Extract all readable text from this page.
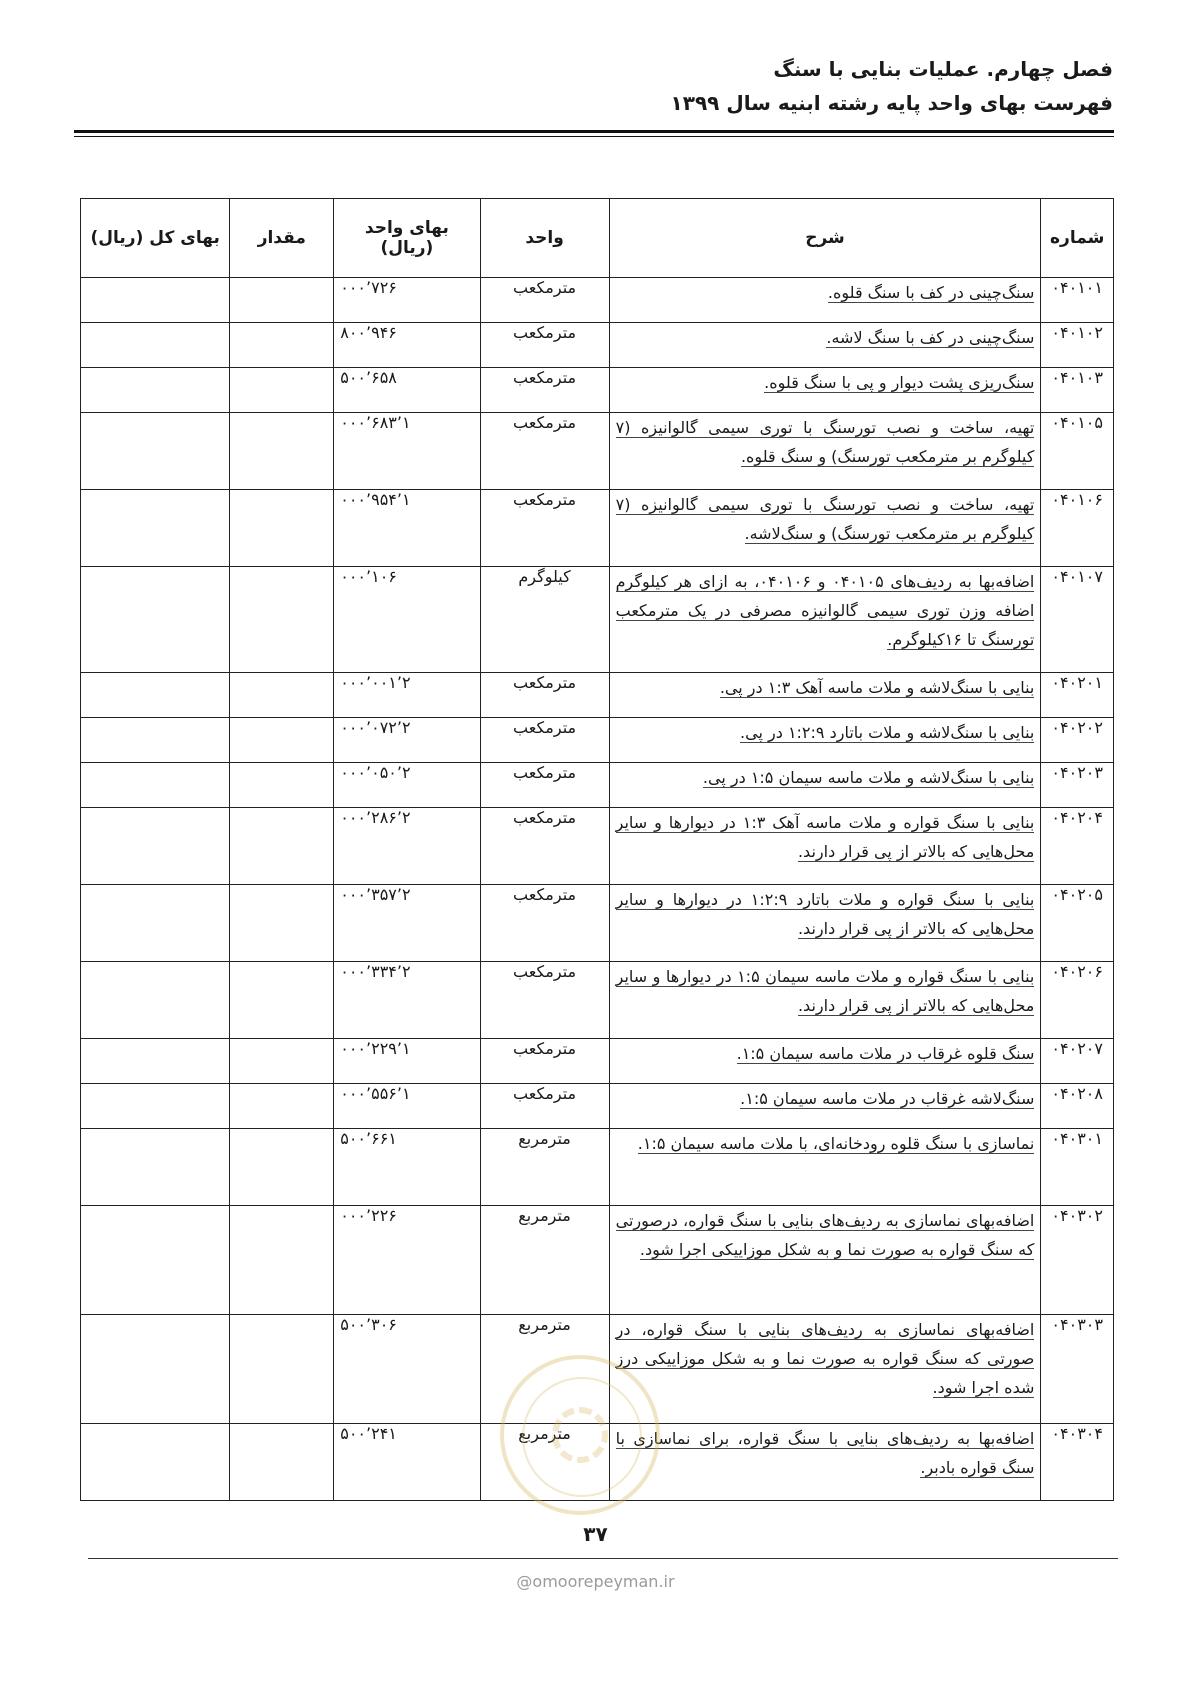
فصل چهارم. عملیات بنایی با سنگ
فهرست بهای واحد پایه رشته ابنیه سال ۱۳۹۹
شماره	شرح	واحد	بهای واحد (ریال)	مقدار	بهای کل (ریال)
۰۴۰۱۰۱	سنگ‌چینی در کف با سنگ قلوه.	مترمکعب	۷۲۶’۰۰۰		
۰۴۰۱۰۲	سنگ‌چینی در کف با سنگ لاشه.	مترمکعب	۹۴۶’۸۰۰		
۰۴۰۱۰۳	سنگ‌ریزی پشت دیوار و پی با سنگ قلوه.	مترمکعب	۶۵۸’۵۰۰		
۰۴۰۱۰۵	تهیه، ساخت و نصب تورسنگ با توری سیمی گالوانیزه (۷ کیلوگرم بر مترمکعب تورسنگ) و سنگ قلوه.	مترمکعب	۱’۶۸۳’۰۰۰		
۰۴۰۱۰۶	تهیه، ساخت و نصب تورسنگ با توری سیمی گالوانیزه (۷ کیلوگرم بر مترمکعب تورسنگ) و سنگ‌لاشه.	مترمکعب	۱’۹۵۴’۰۰۰		
۰۴۰۱۰۷	اضافه‌بها به ردیف‌های ۰۴۰۱۰۵ و ۰۴۰۱۰۶، به ازای هر کیلوگرم اضافه وزن توری سیمی گالوانیزه مصرفی در یک مترمکعب تورسنگ تا ۱۶کیلوگرم.	کیلوگرم	۱۰۶’۰۰۰		
۰۴۰۲۰۱	بنایی با سنگ‌لاشه و ملات ماسه آهک ۱:۳ در پی.	مترمکعب	۲’۰۰۱’۰۰۰		
۰۴۰۲۰۲	بنایی با سنگ‌لاشه و ملات باتارد ۱:۲:۹ در پی.	مترمکعب	۲’۰۷۲’۰۰۰		
۰۴۰۲۰۳	بنایی با سنگ‌لاشه و ملات ماسه سیمان ۱:۵ در پی.	مترمکعب	۲’۰۵۰’۰۰۰		
۰۴۰۲۰۴	بنایی با سنگ قواره و ملات ماسه آهک ۱:۳ در دیوارها و سایر محل‌هایی که بالاتر از پی قرار دارند.	مترمکعب	۲’۲۸۶’۰۰۰		
۰۴۰۲۰۵	بنایی با سنگ قواره و ملات باتارد ۱:۲:۹ در دیوارها و سایر محل‌هایی که بالاتر از پی قرار دارند.	مترمکعب	۲’۳۵۷’۰۰۰		
۰۴۰۲۰۶	بنایی با سنگ قواره و ملات ماسه سیمان ۱:۵ در دیوارها و سایر محل‌هایی که بالاتر از پی قرار دارند.	مترمکعب	۲’۳۳۴’۰۰۰		
۰۴۰۲۰۷	سنگ قلوه غرقاب در ملات ماسه سیمان ۱:۵.	مترمکعب	۱’۲۲۹’۰۰۰		
۰۴۰۲۰۸	سنگ‌لاشه غرقاب در ملات ماسه سیمان ۱:۵.	مترمکعب	۱’۵۵۶’۰۰۰		
۰۴۰۳۰۱	نماسازی با سنگ قلوه رودخانه‌ای، با ملات ماسه سیمان ۱:۵.	مترمربع	۶۶۱’۵۰۰		
۰۴۰۳۰۲	اضافه‌بهای نماسازی به ردیف‌های بنایی با سنگ قواره، درصورتی که سنگ قواره به صورت نما و به شکل موزاییکی اجرا شود.	مترمربع	۲۲۶’۰۰۰		
۰۴۰۳۰۳	اضافه‌بهای نماسازی به ردیف‌های بنایی با سنگ قواره، در صورتی که سنگ قواره به صورت نما و به شکل موزاییکی درز شده اجرا شود.	مترمربع	۳۰۶’۵۰۰		
۰۴۰۳۰۴	اضافه‌بها به ردیف‌های بنایی با سنگ قواره، برای نماسازی با سنگ قواره بادبر.	مترمربع	۲۴۱’۵۰۰		
۳۷
@omoorepeyman.ir
